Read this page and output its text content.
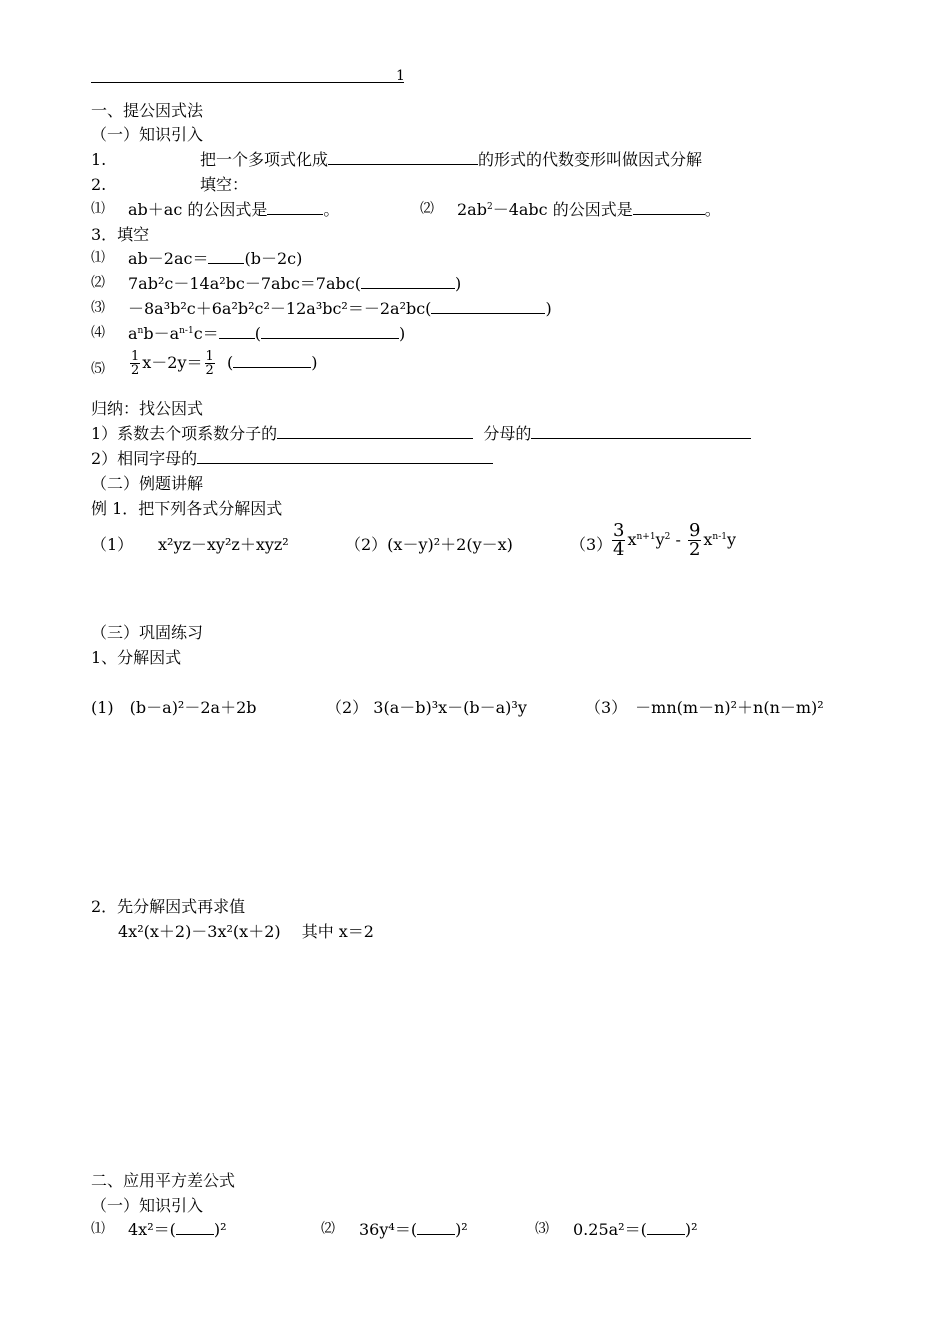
1
一、提公因式法
（一）知识引入
1.	把一个多项式化成	的形式的代数变形叫做因式分解
2.	填空：
⑴ ab＋ac 的公因式是	。	⑵ $2ab^2-4abc$ 的公因式是	。
3．填空
⑴ ab－2ac＝ (b－2c)
⑵ 7ab²c－14a²bc－7abc＝7abc(	)
⑶ －8a³b²c＋6a²b²c²－12a³bc²＝－2a²bc(	)
⑷ $a^nb-a^{n-1}c=$ (	)
⑸ $\frac{1}{2} x-2y= \frac{1}{2}$ (	)
归纳：找公因式
1）系数去个项系数分子的	分母的
2）相同字母的
（二）例题讲解
例 1．把下列各式分解因式
（1） x²yz－xy²z＋xyz²	（2）(x－y)²＋2(y－x)	$(3) \frac{3}{4} x^{n+1}y^2 - \frac{9}{2} x^{n-1}y$
（三）巩固练习
1、分解因式
(1)　(b－a)²－2a＋2b	（2） 3(a－b)³x－(b－a)³y	（3）　－mn(m－n)²＋n(n－m)²
2．先分解因式再求值
4x²(x＋2)－3x²(x＋2)　 其中 x＝2
二、应用平方差公式
（一）知识引入
⑴ 4x²＝( )²	⑵ 36y⁴＝( )²	⑶ 0.25a²＝( )²
